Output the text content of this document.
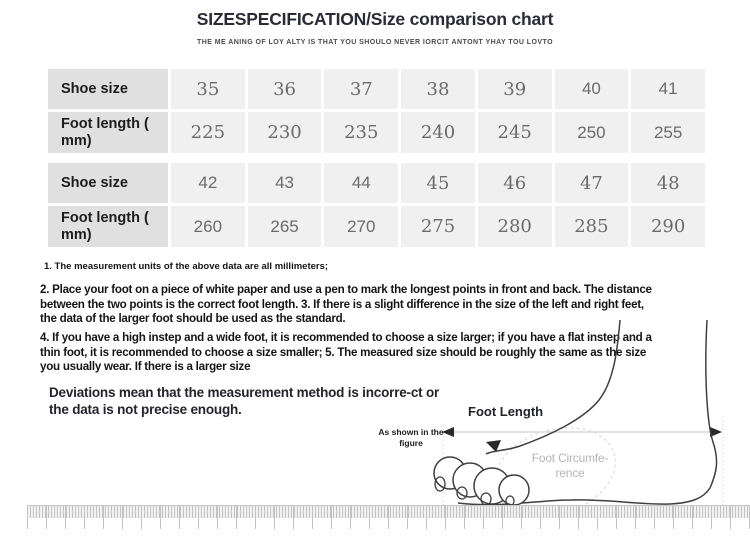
SIZESPECIFICATION/Size comparison chart
THE ME ANING OF LOY ALTY IS THAT YOU SHOULO NEVER IORCIT ANTONT YHAY TOU LOVTO
Shoe size	35	36	37	38	39	40	41
Foot length ( mm)	225	230	235	240	245	250	255
Shoe size	42	43	44	45	46	47	48
Foot length ( mm)	260	265	270	275	280	285	290
1. The measurement units of the above data are all millimeters;
2. Place your foot on a piece of white paper and use a pen to mark the longest points in front and back. The distance between the two points is the correct foot length. 3. If there is a slight difference in the size of the left and right feet, the data of the larger foot should be used as the standard.
4. If you have a high instep and a wide foot, it is recommended to choose a size larger; if you have a flat instep and a thin foot, it is recommended to choose a size smaller; 5. The measured size should be roughly the same as the size you usually wear. If there is a larger size
Deviations mean that the measurement method is incorre-ct or the data is not precise enough.	Foot Length
As shown in the figure
Foot Circumfe-rence
